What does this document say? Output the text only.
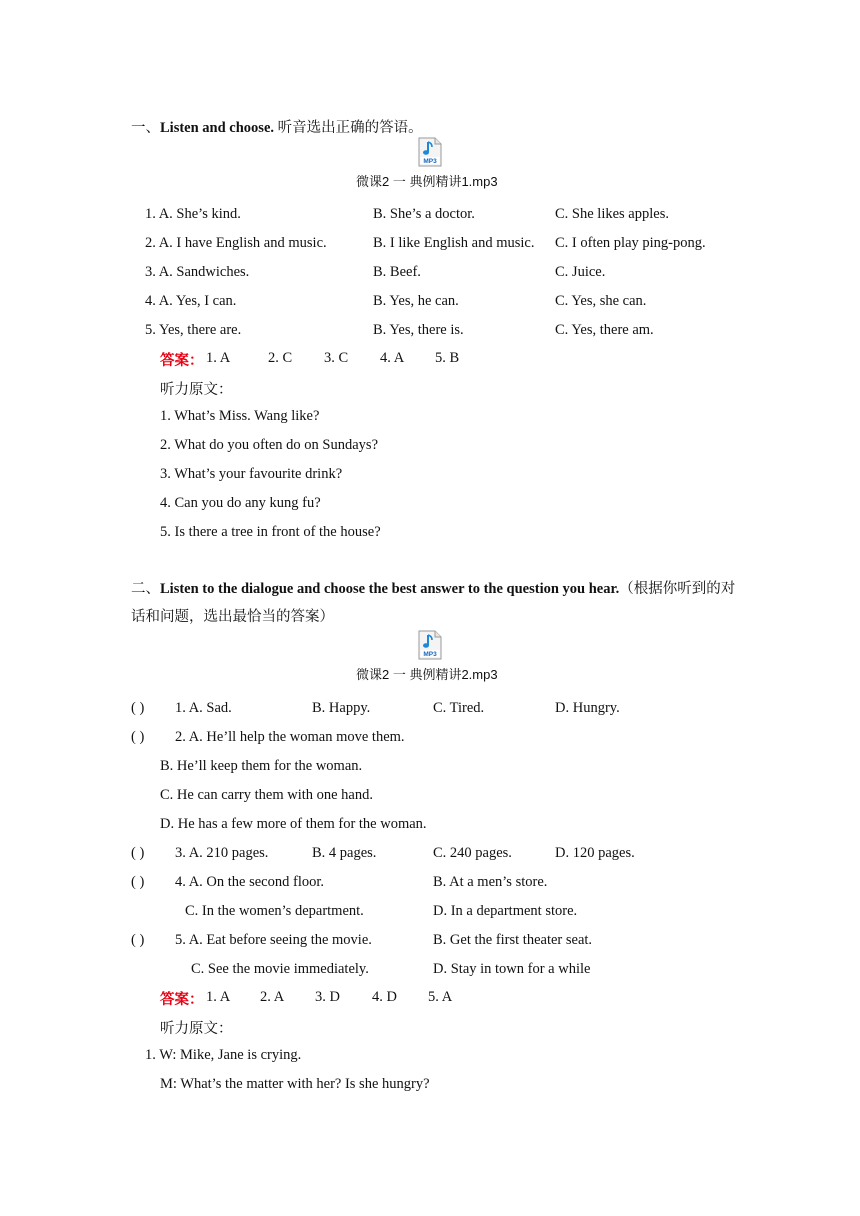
一、Listen and choose. 听音选出正确的答语。
MP3
微课2 一 典例精讲1.mp3
1. A. She’s kind.	B. She’s a doctor.	C. She likes apples.
2. A. I have English and music.	B. I like English and music. C. I often play ping-pong.
3. A. Sandwiches.	B. Beef.	C. Juice.
4. A. Yes, I can.	B. Yes, he can.	C. Yes, she can.
5. Yes, there are.	B. Yes, there is.	C. Yes, there am.
答案： 1. A	2. C 3. C 4. A 5. B
听力原文：
1. What’s Miss. Wang like?
2. What do you often do on Sundays?
3. What’s your favourite drink?
4. Can you do any kung fu?
5. Is there a tree in front of the house?
二、Listen to the dialogue and choose the best answer to the question you hear.（根据你听到的对话和问题，选出最恰当的答案）
MP3
微课2 一 典例精讲2.mp3
( ) 1. A. Sad.	B. Happy.	C. Tired.	D. Hungry.
( ) 2. A. He’ll help the woman move them.
B. He’ll keep them for the woman.
C. He can carry them with one hand.
D. He has a few more of them for the woman.
( ) 3. A. 210 pages.	B. 4 pages.	C. 240 pages.	D. 120 pages.
( ) 4. A. On the second floor.	B. At a men’s store.
C. In the women’s department.	D. In a department store.
( ) 5. A. Eat before seeing the movie.	B. Get the first theater seat.
C. See the movie immediately.	D. Stay in town for a while
答案： 1. A 2. A 3. D 4. D 5. A
听力原文：
1. W: Mike, Jane is crying.
M: What’s the matter with her? Is she hungry?
